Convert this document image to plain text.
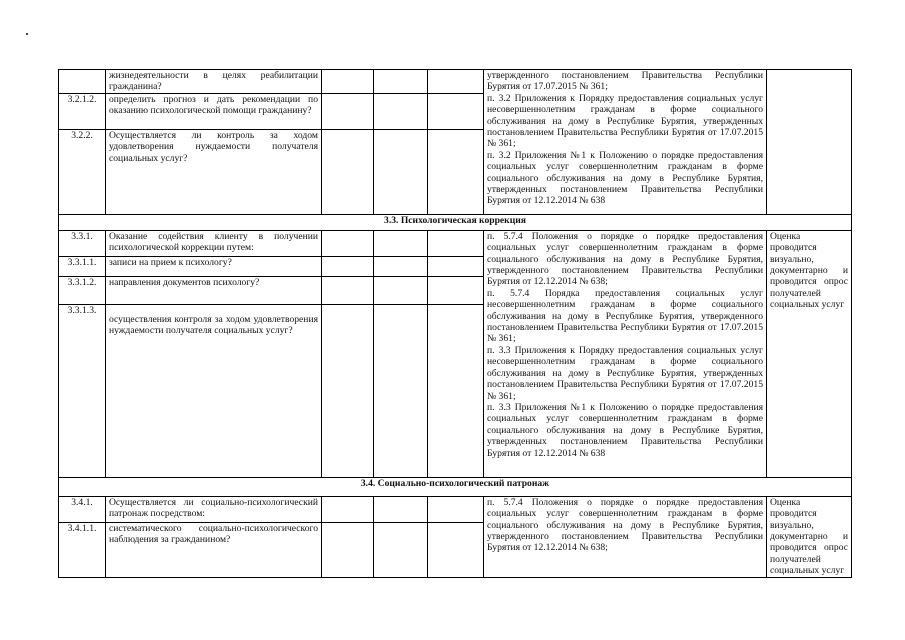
	жизнедеятельности в целях реабилитации гражданина?				утвержденного постановлением Правительства Республики Бурятия от 17.07.2015 № 361;
п. 3.2 Приложения к Порядку предоставления социальных услуг несовершеннолетним гражданам в форме социального обслуживания на дому в Республике Бурятия, утвержденных постановлением Правительства Республики Бурятия от 17.07.2015 № 361;
п. 3.2 Приложения №1 к Положению о порядке предоставления социальных услуг совершеннолетним гражданам в форме социального обслуживания на дому в Республике Бурятия, утвержденных постановлением Правительства Республики Бурятия от 12.12.2014 № 638	

3.2.1.2.	определить прогноз и дать рекомендации по оказанию психологической помощи гражданину?					
3.2.2.	Осуществляется ли контроль за ходом удовлетворения нуждаемости получателя социальных услуг?					
3.3. Психологическая коррекция						
3.3.1.	Оказание содействия клиенту в получении психологической коррекции путем:				п. 5.7.4 Положения о порядке о порядке предоставления социальных услуг совершеннолетним гражданам в форме социального обслуживания на дому в Республике Бурятия, утвержденного постановлением Правительства Республики Бурятия от 12.12.2014 № 638;
п. 5.7.4 Порядка предоставления социальных услуг несовершеннолетним гражданам в форме социального обслуживания на дому в Республике Бурятия, утвержденного постановлением Правительства Республики Бурятия от 17.07.2015 № 361;
п. 3.3 Приложения к Порядку предоставления социальных услуг несовершеннолетним гражданам в форме социального обслуживания на дому в Республике Бурятия, утвержденных постановлением Правительства Республики Бурятия от 17.07.2015 № 361;
п. 3.3 Приложения №1 к Положению о порядке предоставления социальных услуг совершеннолетним гражданам в форме социального обслуживания на дому в Республике Бурятия, утвержденных постановлением Правительства Республики Бурятия от 12.12.2014 № 638	Оценка проводится визуально, документарно и проводится опрос получателей социальных услуг
3.3.1.1.	записи на прием к психологу?					
3.3.1.2.	направления документов психологу?					
3.3.1.3.	осуществления контроля за ходом удовлетворения нуждаемости получателя социальных услуг?					
3.4. Социально-психологический патронаж						
3.4.1.	Осуществляется ли социально-психологический патронаж посредством:				п. 5.7.4 Положения о порядке о порядке предоставления социальных услуг совершеннолетним гражданам в форме социального обслуживания на дому в Республике Бурятия, утвержденного постановлением Правительства Республики Бурятия от 12.12.2014 № 638;	Оценка проводится визуально, документарно и проводится опрос получателей социальных услуг
3.4.1.1.	систематического социально-психологического наблюдения за гражданином?					
